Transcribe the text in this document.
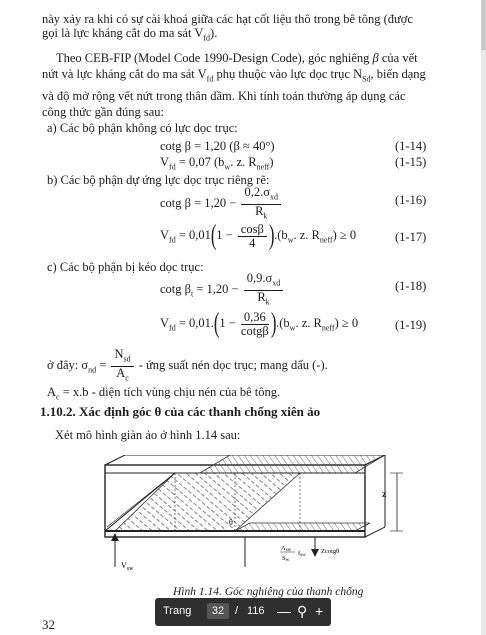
này xảy ra khi có sự cài khoá giữa các hạt cốt liệu thô trong bê tông (được
gọi là lực kháng cắt do ma sát $V_{fd}$).
Theo CEB-FIP (Model Code 1990-Design Code), góc nghiêng β của vết
nứt và lực kháng cắt do ma sát $V_{fd}$ phụ thuộc vào lực dọc trục $N_{Sd}$, biến dạng
và độ mở rộng vết nứt trong thân dầm. Khi tính toán thường áp dụng các
công thức gần đúng sau:
a) Các bộ phận không có lực dọc trục:
cotg β = 1,20 (β ≈ 40°)	(1-14)
$V_{fd} = 0,07$ ($b_w$. z. $R_{neff}$)	(1-15)
b) Các bộ phận dự ứng lực dọc trục riêng rẽ:
cotg $\beta = 1,20 - \frac{0,2.\sigma_{xd}}{R_k}$	(1-16)
$V_{fd} = 0,01(1 - \frac{\cos\beta}{4} ).(b_w$. z. $R_{neff}) \ge 0$	(1-17)
c) Các bộ phận bị kéo dọc trục:
cotg $\beta_t = 1,20 - \frac{0,9.\sigma_{xd}}{R_k}$	(1-18)
$V_{fd} = 0,01.(1 - \frac{0,36}{\cot g\beta} ).(b_w$. z. $R_{neff}) \ge 0$	(1-19)
ở đây: $\sigma_{nd} = \frac{N_{sd}}{A_c}$ - ứng suất nén dọc trục; mang dấu (-).
$A_c = x.b$ - diện tích vùng chịu nén của bê tông.
1.10.2. Xác định góc θ của các thanh chống xiên ảo
Xét mô hình giàn ảo ở hình 1.14 sau:
z
θ
$V_{sw}$
Asw
Sw
fsw
Zcotgθ
Hình 1.14. Góc nghiêng của thanh chống
32
Trang	32 / 116 — ⚲ +
